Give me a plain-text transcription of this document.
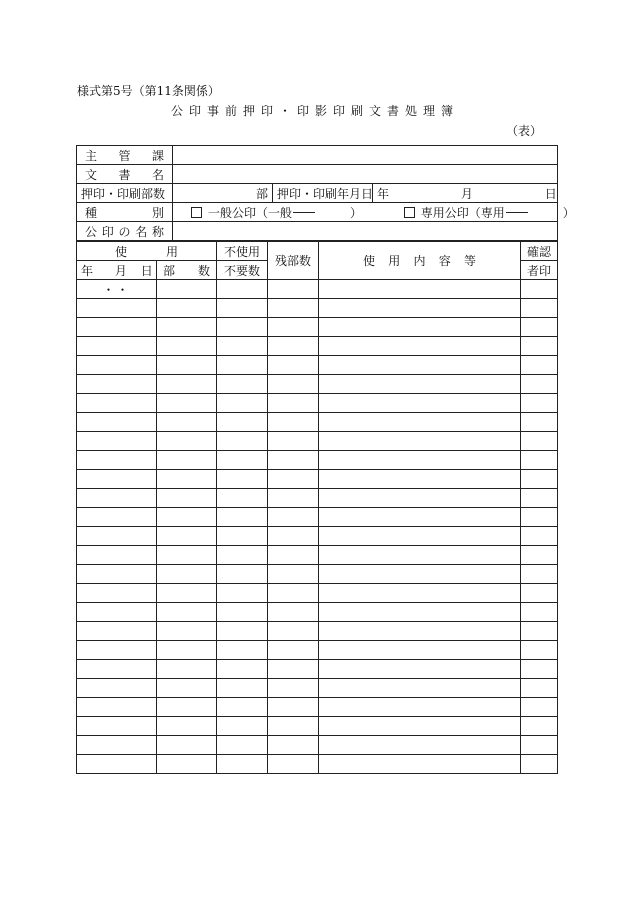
様式第5号（第11条関係）
公印事前押印・印影印刷文書処理簿
（表）
主管課			
文書名			
押印・印刷部数	部	押印・印刷年月日	年 月 日
種別	一般公印（一般 ） 専用公印（専用 ）		
公印の名称			
使用		不使用	残部数	使用内容等	確認
年 月 日	部数	不要数			者印
・・					
